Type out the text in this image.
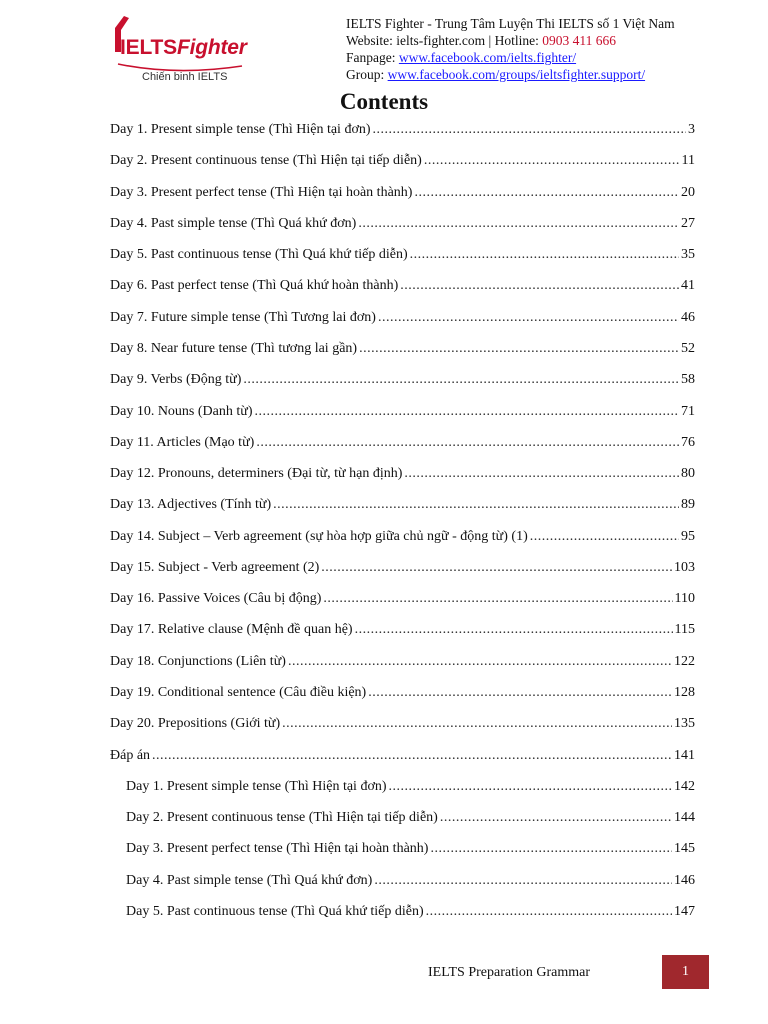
IELTSFighter
Chiến binh IELTS
IELTS Fighter - Trung Tâm Luyện Thi IELTS số 1 Việt Nam
Website: ielts-fighter.com | Hotline: 0903 411 666
Fanpage: www.facebook.com/ielts.fighter/
Group: www.facebook.com/groups/ieltsfighter.support/
Contents
Day 1. Present simple tense (Thì Hiện tại đơn) .....	3
Day 2. Present continuous tense (Thì Hiện tại tiếp diễn) .....	11
Day 3. Present perfect tense (Thì Hiện tại hoàn thành) .....	20
Day 4. Past simple tense (Thì Quá khứ đơn) .....	27
Day 5. Past continuous tense (Thì Quá khứ tiếp diễn) .....	35
Day 6. Past perfect tense (Thì Quá khứ hoàn thành) .....	41
Day 7. Future simple tense (Thì Tương lai đơn) .....	46
Day 8. Near future tense (Thì tương lai gần) .....	52
Day 9. Verbs (Động từ) .....	58
Day 10. Nouns (Danh từ) .....	71
Day 11. Articles (Mạo từ) .....	76
Day 12. Pronouns, determiners (Đại từ, từ hạn định) .....	80
Day 13. Adjectives (Tính từ) .....	89
Day 14. Subject – Verb agreement (sự hòa hợp giữa chủ ngữ - động từ) (1) .....	95
Day 15. Subject - Verb agreement (2) .....	103
Day 16. Passive Voices (Câu bị động) .....	110
Day 17. Relative clause (Mệnh đề quan hệ) .....	115
Day 18. Conjunctions (Liên từ) .....	122
Day 19. Conditional sentence (Câu điều kiện) .....	128
Day 20. Prepositions (Giới từ) .....	135
Đáp án .....	141
Day 1. Present simple tense (Thì Hiện tại đơn) .....	142
Day 2. Present continuous tense (Thì Hiện tại tiếp diễn) .....	144
Day 3. Present perfect tense (Thì Hiện tại hoàn thành) .....	145
Day 4. Past simple tense (Thì Quá khứ đơn) .....	146
Day 5. Past continuous tense (Thì Quá khứ tiếp diễn) .....	147
IELTS Preparation Grammar	1
